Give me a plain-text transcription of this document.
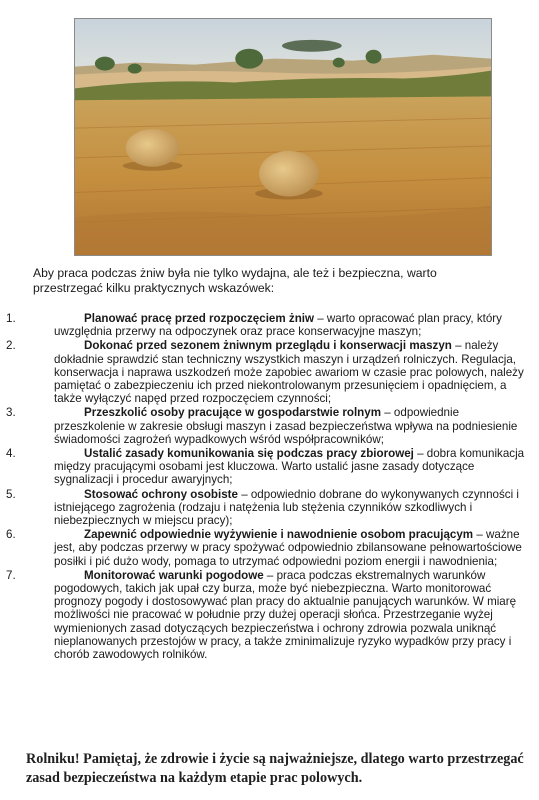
Aby praca podczas żniw była nie tylko wydajna, ale też i bezpieczna, warto przestrzegać kilku praktycznych wskazówek:
1.	Planować pracę przed rozpoczęciem żniw – warto opracować plan pracy, który uwzględnia przerwy na odpoczynek oraz prace konserwacyjne maszyn;
2.	Dokonać przed sezonem żniwnym przeglądu i konserwacji maszyn – należy dokładnie sprawdzić stan techniczny wszystkich maszyn i urządzeń rolniczych. Regulacja, konserwacja i naprawa uszkodzeń może zapobiec awariom w czasie prac polowych, należy pamiętać o zabezpieczeniu ich przed niekontrolowanym przesunięciem i opadnięciem, a także wyłączyć napęd przed rozpoczęciem czynności;
3.	Przeszkolić osoby pracujące w gospodarstwie rolnym – odpowiednie przeszkolenie w zakresie obsługi maszyn i zasad bezpieczeństwa wpływa na podniesienie świadomości zagrożeń wypadkowych wśród współpracowników;
4.	Ustalić zasady komunikowania się podczas pracy zbiorowej – dobra komunikacja między pracującymi osobami jest kluczowa. Warto ustalić jasne zasady dotyczące sygnalizacji i procedur awaryjnych;
5.	Stosować ochrony osobiste – odpowiednio dobrane do wykonywanych czynności i istniejącego zagrożenia (rodzaju i natężenia lub stężenia czynników szkodliwych i niebezpiecznych w miejscu pracy);
6.	Zapewnić odpowiednie wyżywienie i nawodnienie osobom pracującym – ważne jest, aby podczas przerwy w pracy spożywać odpowiednio zbilansowane pełnowartościowe posiłki i pić dużo wody, pomaga to utrzymać odpowiedni poziom energii i nawodnienia;
7.	Monitorować warunki pogodowe – praca podczas ekstremalnych warunków pogodowych, takich jak upał czy burza, może być niebezpieczna. Warto monitorować prognozy pogody i dostosowywać plan pracy do aktualnie panujących warunków. W miarę możliwości nie pracować w południe przy dużej operacji słońca. Przestrzeganie wyżej wymienionych zasad dotyczących bezpieczeństwa i ochrony zdrowia pozwala uniknąć nieplanowanych przestojów w pracy, a także zminimalizuje ryzyko wypadków przy pracy i chorób zawodowych rolników.
Rolniku! Pamiętaj, że zdrowie i życie są najważniejsze, dlatego warto przestrzegać zasad bezpieczeństwa na każdym etapie prac polowych.
